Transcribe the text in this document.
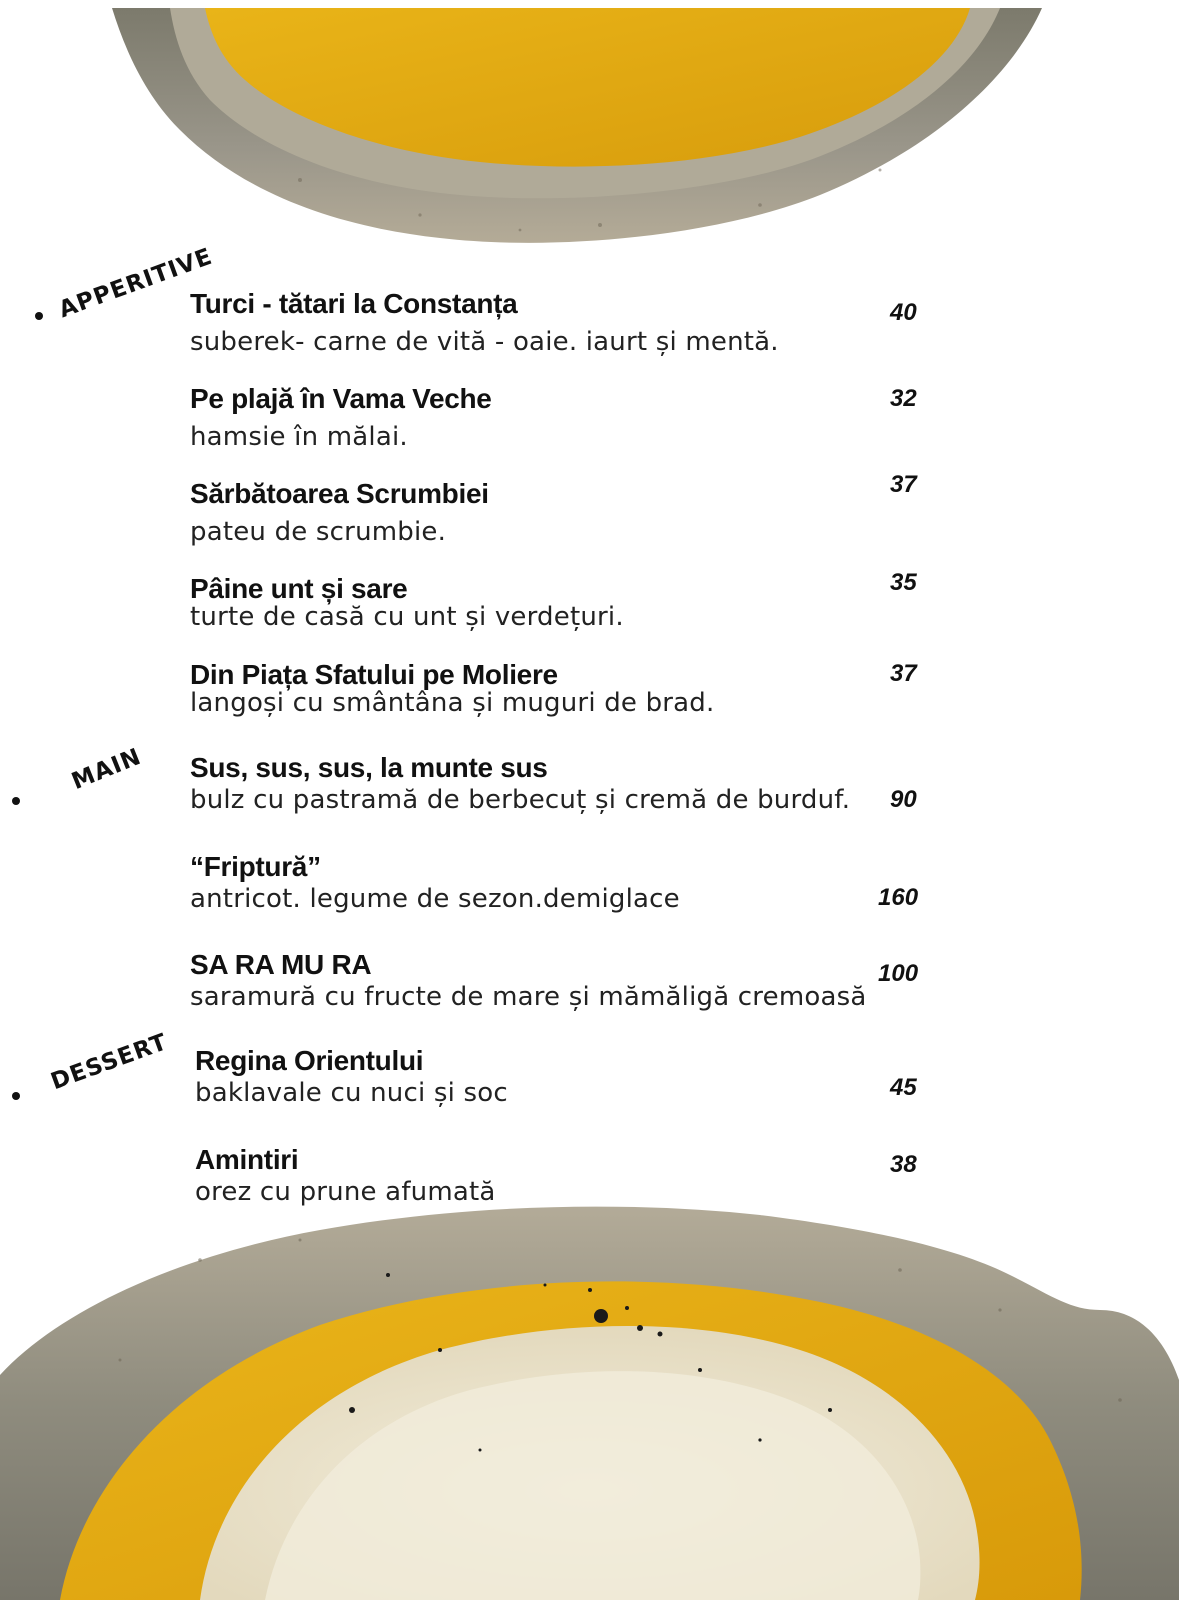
APPERITIVE
MAIN
DESSERT
Turci - tătari la Constanța
suberek- carne de vită - oaie. iaurt și mentă.
40
Pe plajă în Vama Veche
hamsie în mălai.
32
Sărbătoarea Scrumbiei
pateu de scrumbie.
37
Pâine unt și sare
turte de casă cu unt și verdețuri.
35
Din Piața Sfatului pe Moliere
langoși cu smântâna și muguri de brad.
37
Sus, sus, sus, la munte sus
bulz cu pastramă de berbecuț și cremă de burduf.	90
“Friptură”
antricot. legume de sezon.demiglace	160
SA RA MU RA
saramură cu fructe de mare și mămăligă cremoasă
100
Regina Orientului
baklavale cu nuci și soc	45
Amintiri
orez cu prune afumată
38
